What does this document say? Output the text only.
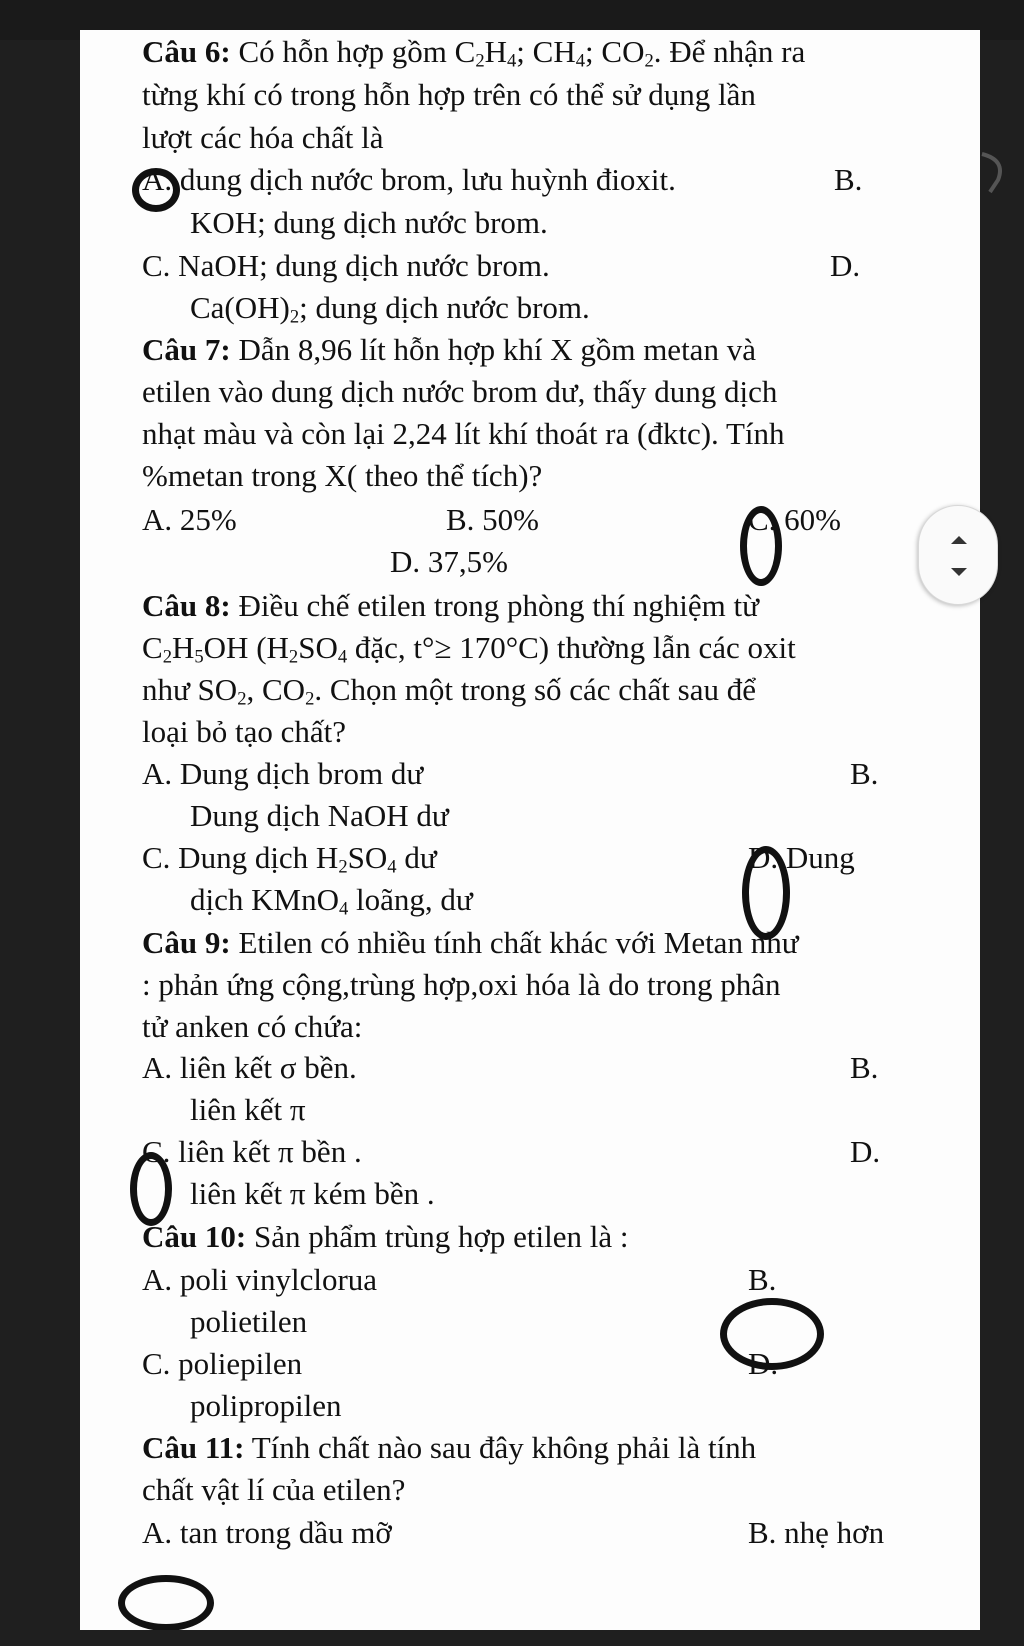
Câu 6: Có hỗn hợp gồm $C_2H_4$; $CH_4$; $CO_2$. Để nhận ra
từng khí có trong hỗn hợp trên có thể sử dụng lần
lượt các hóa chất là
A. dung dịch nước brom, lưu huỳnh đioxit.	B.
KOH; dung dịch nước brom.
C. NaOH; dung dịch nước brom.	D.
$Ca(OH)_2$; dung dịch nước brom.
Câu 7: Dẫn 8,96 lít hỗn hợp khí X gồm metan và
etilen vào dung dịch nước brom dư, thấy dung dịch
nhạt màu và còn lại 2,24 lít khí thoát ra (đktc). Tính
%metan trong X( theo thể tích)?
A. 25%	B. 50%	C. 60%
D. 37,5%
Câu 8: Điều chế etilen trong phòng thí nghiệm từ
$C_2H_5OH$ ($H_2SO_4$ đặc, t°≥ 170°C) thường lẫn các oxit
như $SO_2$, $CO_2$. Chọn một trong số các chất sau để
loại bỏ tạo chất?
A. Dung dịch brom dư	B.
Dung dịch NaOH dư
C. Dung dịch $H_2SO_4$ dư	D. Dung
dịch KMnO$_4$ loãng, dư
Câu 9: Etilen có nhiều tính chất khác với Metan như
: phản ứng cộng,trùng hợp,oxi hóa là do trong phân
tử anken có chứa:
A. liên kết σ bền.	B.
liên kết π
C. liên kết π bền .	D.
liên kết π kém bền .
Câu 10: Sản phẩm trùng hợp etilen là :
A. poli vinylclorua	B.
polietilen
C. poliepilen	D.
polipropilen
Câu 11: Tính chất nào sau đây không phải là tính
chất vật lí của etilen?
A. tan trong dầu mỡ	B. nhẹ hơn
